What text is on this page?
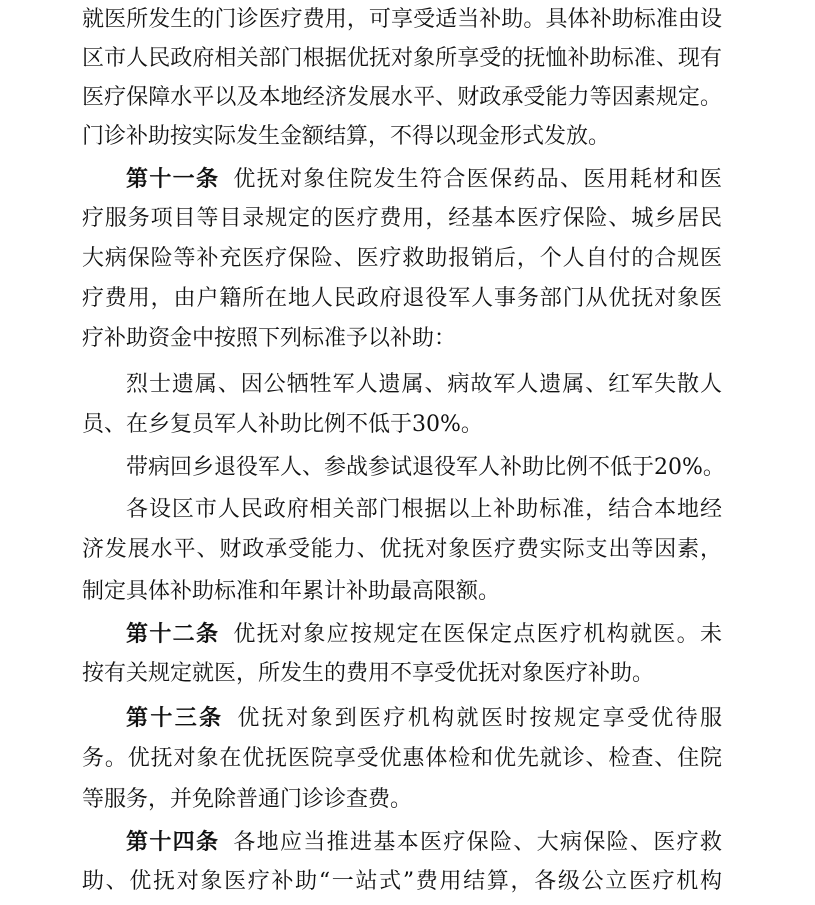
就医所发生的门诊医疗费用，可享受适当补助。具体补助标准由设

区市人民政府相关部门根据优抚对象所享受的抚恤补助标准、现有

医疗保障水平以及本地经济发展水平、财政承受能力等因素规定。

门诊补助按实际发生金额结算，不得以现金形式发放。

第十一条 优抚对象住院发生符合医保药品、医用耗材和医

疗服务项目等目录规定的医疗费用，经基本医疗保险、城乡居民

大病保险等补充医疗保险、医疗救助报销后，个人自付的合规医

疗费用，由户籍所在地人民政府退役军人事务部门从优抚对象医

疗补助资金中按照下列标准予以补助：

烈士遗属、因公牺牲军人遗属、病故军人遗属、红军失散人

员、在乡复员军人补助比例不低于30%。

带病回乡退役军人、参战参试退役军人补助比例不低于20%。

各设区市人民政府相关部门根据以上补助标准，结合本地经

济发展水平、财政承受能力、优抚对象医疗费实际支出等因素，

制定具体补助标准和年累计补助最高限额。

第十二条 优抚对象应按规定在医保定点医疗机构就医。未

按有关规定就医，所发生的费用不享受优抚对象医疗补助。

第十三条 优抚对象到医疗机构就医时按规定享受优待服

务。优抚对象在优抚医院享受优惠体检和优先就诊、检查、住院

等服务，并免除普通门诊诊查费。

第十四条 各地应当推进基本医疗保险、大病保险、医疗救

助、优抚对象医疗补助“一站式”费用结算，各级公立医疗机构
